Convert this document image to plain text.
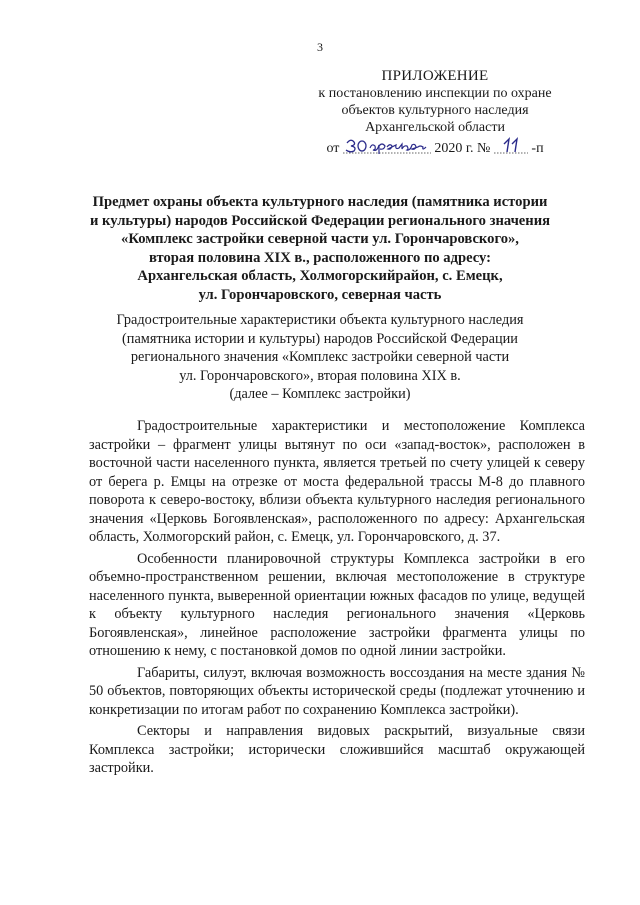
3
ПРИЛОЖЕНИЕ
к постановлению инспекции по охране
объектов культурного наследия
Архангельской области
от	2020 г. №	-п
Предмет охраны объекта культурного наследия (памятника истории
и культуры) народов Российской Федерации регионального значения
«Комплекс застройки северной части ул. Горончаровского»,
вторая половина XIX в., расположенного по адресу:
Архангельская область, Холмогорскийрайон, с. Емецк,
ул. Горончаровского, северная часть
Градостроительные характеристики объекта культурного наследия
(памятника истории и культуры) народов Российской Федерации
регионального значения «Комплекс застройки северной части
ул. Горончаровского», вторая половина XIX в.
(далее – Комплекс застройки)

Градостроительные характеристики и местоположение Комплекса застройки – фрагмент улицы вытянут по оси «запад-восток», расположен в восточной части населенного пункта, является третьей по счету улицей к северу от берега р. Емцы на отрезке от моста федеральной трассы М-8 до плавного поворота к северо-востоку, вблизи объекта культурного наследия регионального значения «Церковь Богоявленская», расположенного по адресу: Архангельская область, Холмогорский район, с. Емецк, ул. Горончаровского, д. 37.

Особенности планировочной структуры Комплекса застройки в его объемно-пространственном решении, включая местоположение в структуре населенного пункта, выверенной ориентации южных фасадов по улице, ведущей к объекту культурного наследия регионального значения «Церковь Богоявленская», линейное расположение застройки фрагмента улицы по отношению к нему, с постановкой домов по одной линии застройки.

Габариты, силуэт, включая возможность воссоздания на месте здания № 50 объектов, повторяющих объекты исторической среды (подлежат уточнению и конкретизации по итогам работ по сохранению Комплекса застройки).

Секторы и направления видовых раскрытий, визуальные связи Комплекса застройки; исторически сложившийся масштаб окружающей застройки.
